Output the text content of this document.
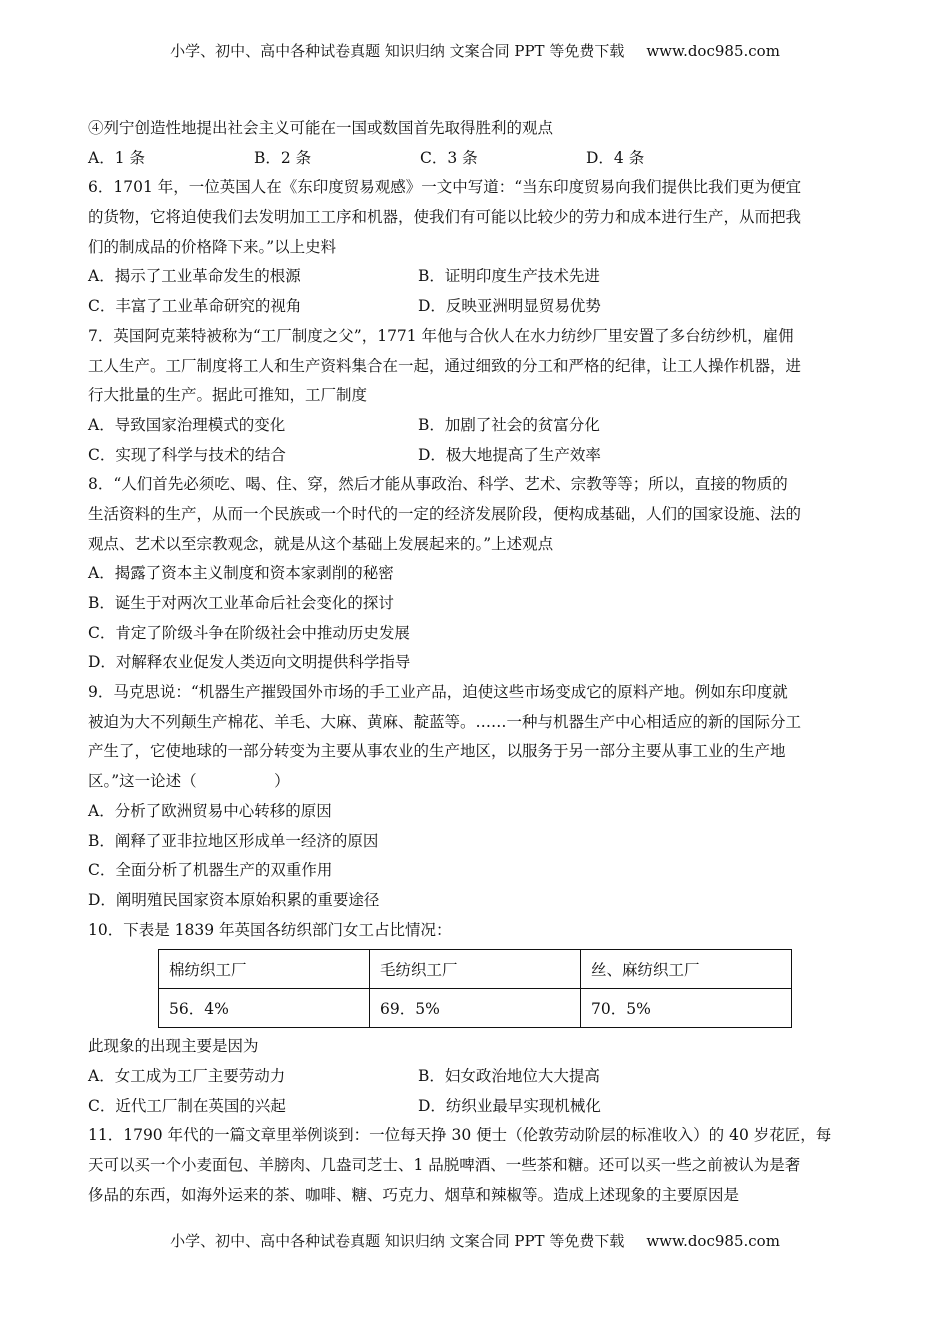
小学、初中、高中各种试卷真题 知识归纳 文案合同 PPT 等免费下载 www.doc985.com
④列宁创造性地提出社会主义可能在一国或数国首先取得胜利的观点
A．1 条	B．2 条	C．3 条	D．4 条
6．1701 年，一位英国人在《东印度贸易观感》一文中写道：“当东印度贸易向我们提供比我们更为便宜
的货物，它将迫使我们去发明加工工序和机器，使我们有可能以比较少的劳力和成本进行生产，从而把我
们的制成品的价格降下来。”以上史料
A．揭示了工业革命发生的根源	B．证明印度生产技术先进
C．丰富了工业革命研究的视角	D．反映亚洲明显贸易优势
7．英国阿克莱特被称为“工厂制度之父”，1771 年他与合伙人在水力纺纱厂里安置了多台纺纱机，雇佣
工人生产。工厂制度将工人和生产资料集合在一起，通过细致的分工和严格的纪律，让工人操作机器，进
行大批量的生产。据此可推知，工厂制度
A．导致国家治理模式的变化	B．加剧了社会的贫富分化
C．实现了科学与技术的结合	D．极大地提高了生产效率
8．“人们首先必须吃、喝、住、穿，然后才能从事政治、科学、艺术、宗教等等；所以，直接的物质的
生活资料的生产，从而一个民族或一个时代的一定的经济发展阶段，便构成基础，人们的国家设施、法的
观点、艺术以至宗教观念，就是从这个基础上发展起来的。”上述观点
A．揭露了资本主义制度和资本家剥削的秘密
B．诞生于对两次工业革命后社会变化的探讨
C．肯定了阶级斗争在阶级社会中推动历史发展
D．对解释农业促发人类迈向文明提供科学指导
9．马克思说：“机器生产摧毁国外市场的手工业产品，迫使这些市场变成它的原料产地。例如东印度就
被迫为大不列颠生产棉花、羊毛、大麻、黄麻、靛蓝等。……一种与机器生产中心相适应的新的国际分工
产生了，它使地球的一部分转变为主要从事农业的生产地区，以服务于另一部分主要从事工业的生产地
区。”这一论述（　　　　　）
A．分析了欧洲贸易中心转移的原因
B．阐释了亚非拉地区形成单一经济的原因
C．全面分析了机器生产的双重作用
D．阐明殖民国家资本原始积累的重要途径
10．下表是 1839 年英国各纺织部门女工占比情况：
棉纺织工厂	毛纺织工厂	丝、麻纺织工厂
56．4%	69．5%	70．5%
此现象的出现主要是因为
A．女工成为工厂主要劳动力	B．妇女政治地位大大提高
C．近代工厂制在英国的兴起	D．纺织业最早实现机械化
11．1790 年代的一篇文章里举例谈到：一位每天挣 30 便士（伦敦劳动阶层的标准收入）的 40 岁花匠，每
天可以买一个小麦面包、羊膀肉、几盎司芝士、1 品脱啤酒、一些茶和糖。还可以买一些之前被认为是奢
侈品的东西，如海外运来的茶、咖啡、糖、巧克力、烟草和辣椒等。造成上述现象的主要原因是
小学、初中、高中各种试卷真题 知识归纳 文案合同 PPT 等免费下载 www.doc985.com
